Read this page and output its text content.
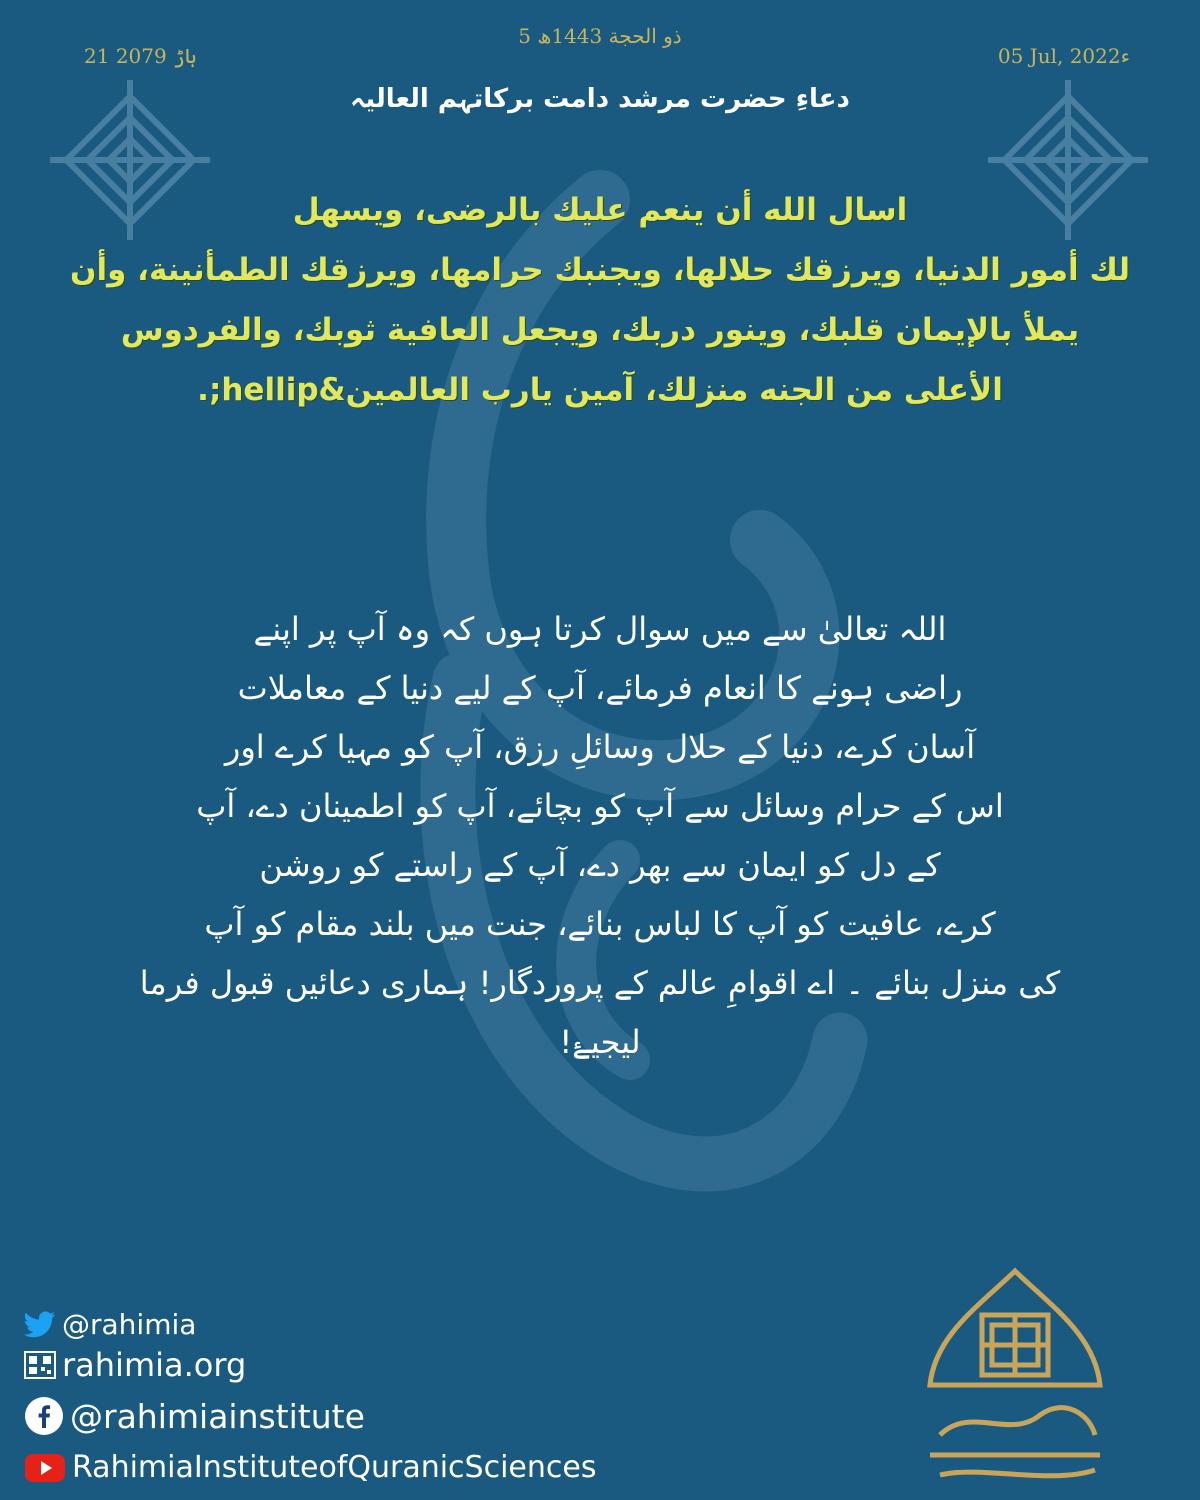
5 ذو الحجة 1443ھ
21 ہاڑ 2079	05 Jul, 2022ء
دعاءِ حضرت مرشد دامت برکاتہم العالیہ
اسال الله أن ينعم عليك بالرضى، ويسهل
لك أمور الدنيا، ويرزقك حلالها، ويجنبك حرامها، ويرزقك الطمأنينة، وأن
يملأ بالإيمان قلبك، وينور دربك، ويجعل العافية ثوبك، والفردوس
الأعلى من الجنه منزلك، آمين يارب العالمين&hellip;.
اللہ تعالیٰ سے میں سوال کرتا ہوں کہ وہ آپ پر اپنے
راضی ہونے کا انعام فرمائے، آپ کے لیے دنیا کے معاملات
آسان کرے، دنیا کے حلال وسائلِ رزق، آپ کو مہیا کرے اور
اس کے حرام وسائل سے آپ کو بچائے، آپ کو اطمینان دے، آپ
کے دل کو ایمان سے بھر دے، آپ کے راستے کو روشن
کرے، عافیت کو آپ کا لباس بنائے، جنت میں بلند مقام کو آپ
کی منزل بنائے ۔ اے اقوامِ عالم کے پروردگار! ہماری دعائیں قبول فرما
لیجیۓ!
@rahimia
rahimia.org
@rahimiainstitute
RahimiaInstituteofQuranicSciences
